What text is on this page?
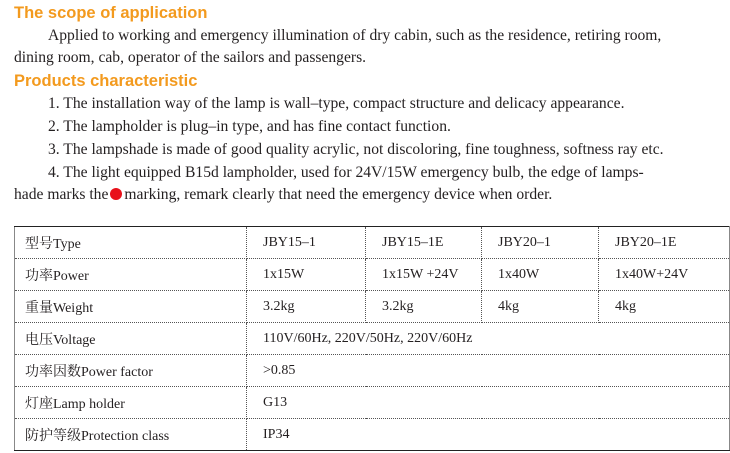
The scope of application

Applied to working and emergency illumination of dry cabin, such as the residence, retiring room,

dining room, cab, operator of the sailors and passengers.

Products characteristic

1. The installation way of the lamp is wall–type, compact structure and delicacy appearance.

2. The lampholder is plug–in type, and has fine contact function.

3. The lampshade is made of good quality acrylic, not discoloring, fine toughness, softness ray etc.

4. The light equipped B15d lampholder, used for 24V/15W emergency bulb, the edge of lamps-

hade marks the marking, remark clearly that need the emergency device when order.

型号Type	JBY15–1	JBY15–1E	JBY20–1	JBY20–1E
功率Power	1x15W	1x15W +24V	1x40W	1x40W+24V
重量Weight	3.2kg	3.2kg	4kg	4kg
电压Voltage	110V/60Hz, 220V/50Hz, 220V/60Hz			
功率因数Power factor	>0.85			
灯座Lamp holder	G13			
防护等级Protection class	IP34			
